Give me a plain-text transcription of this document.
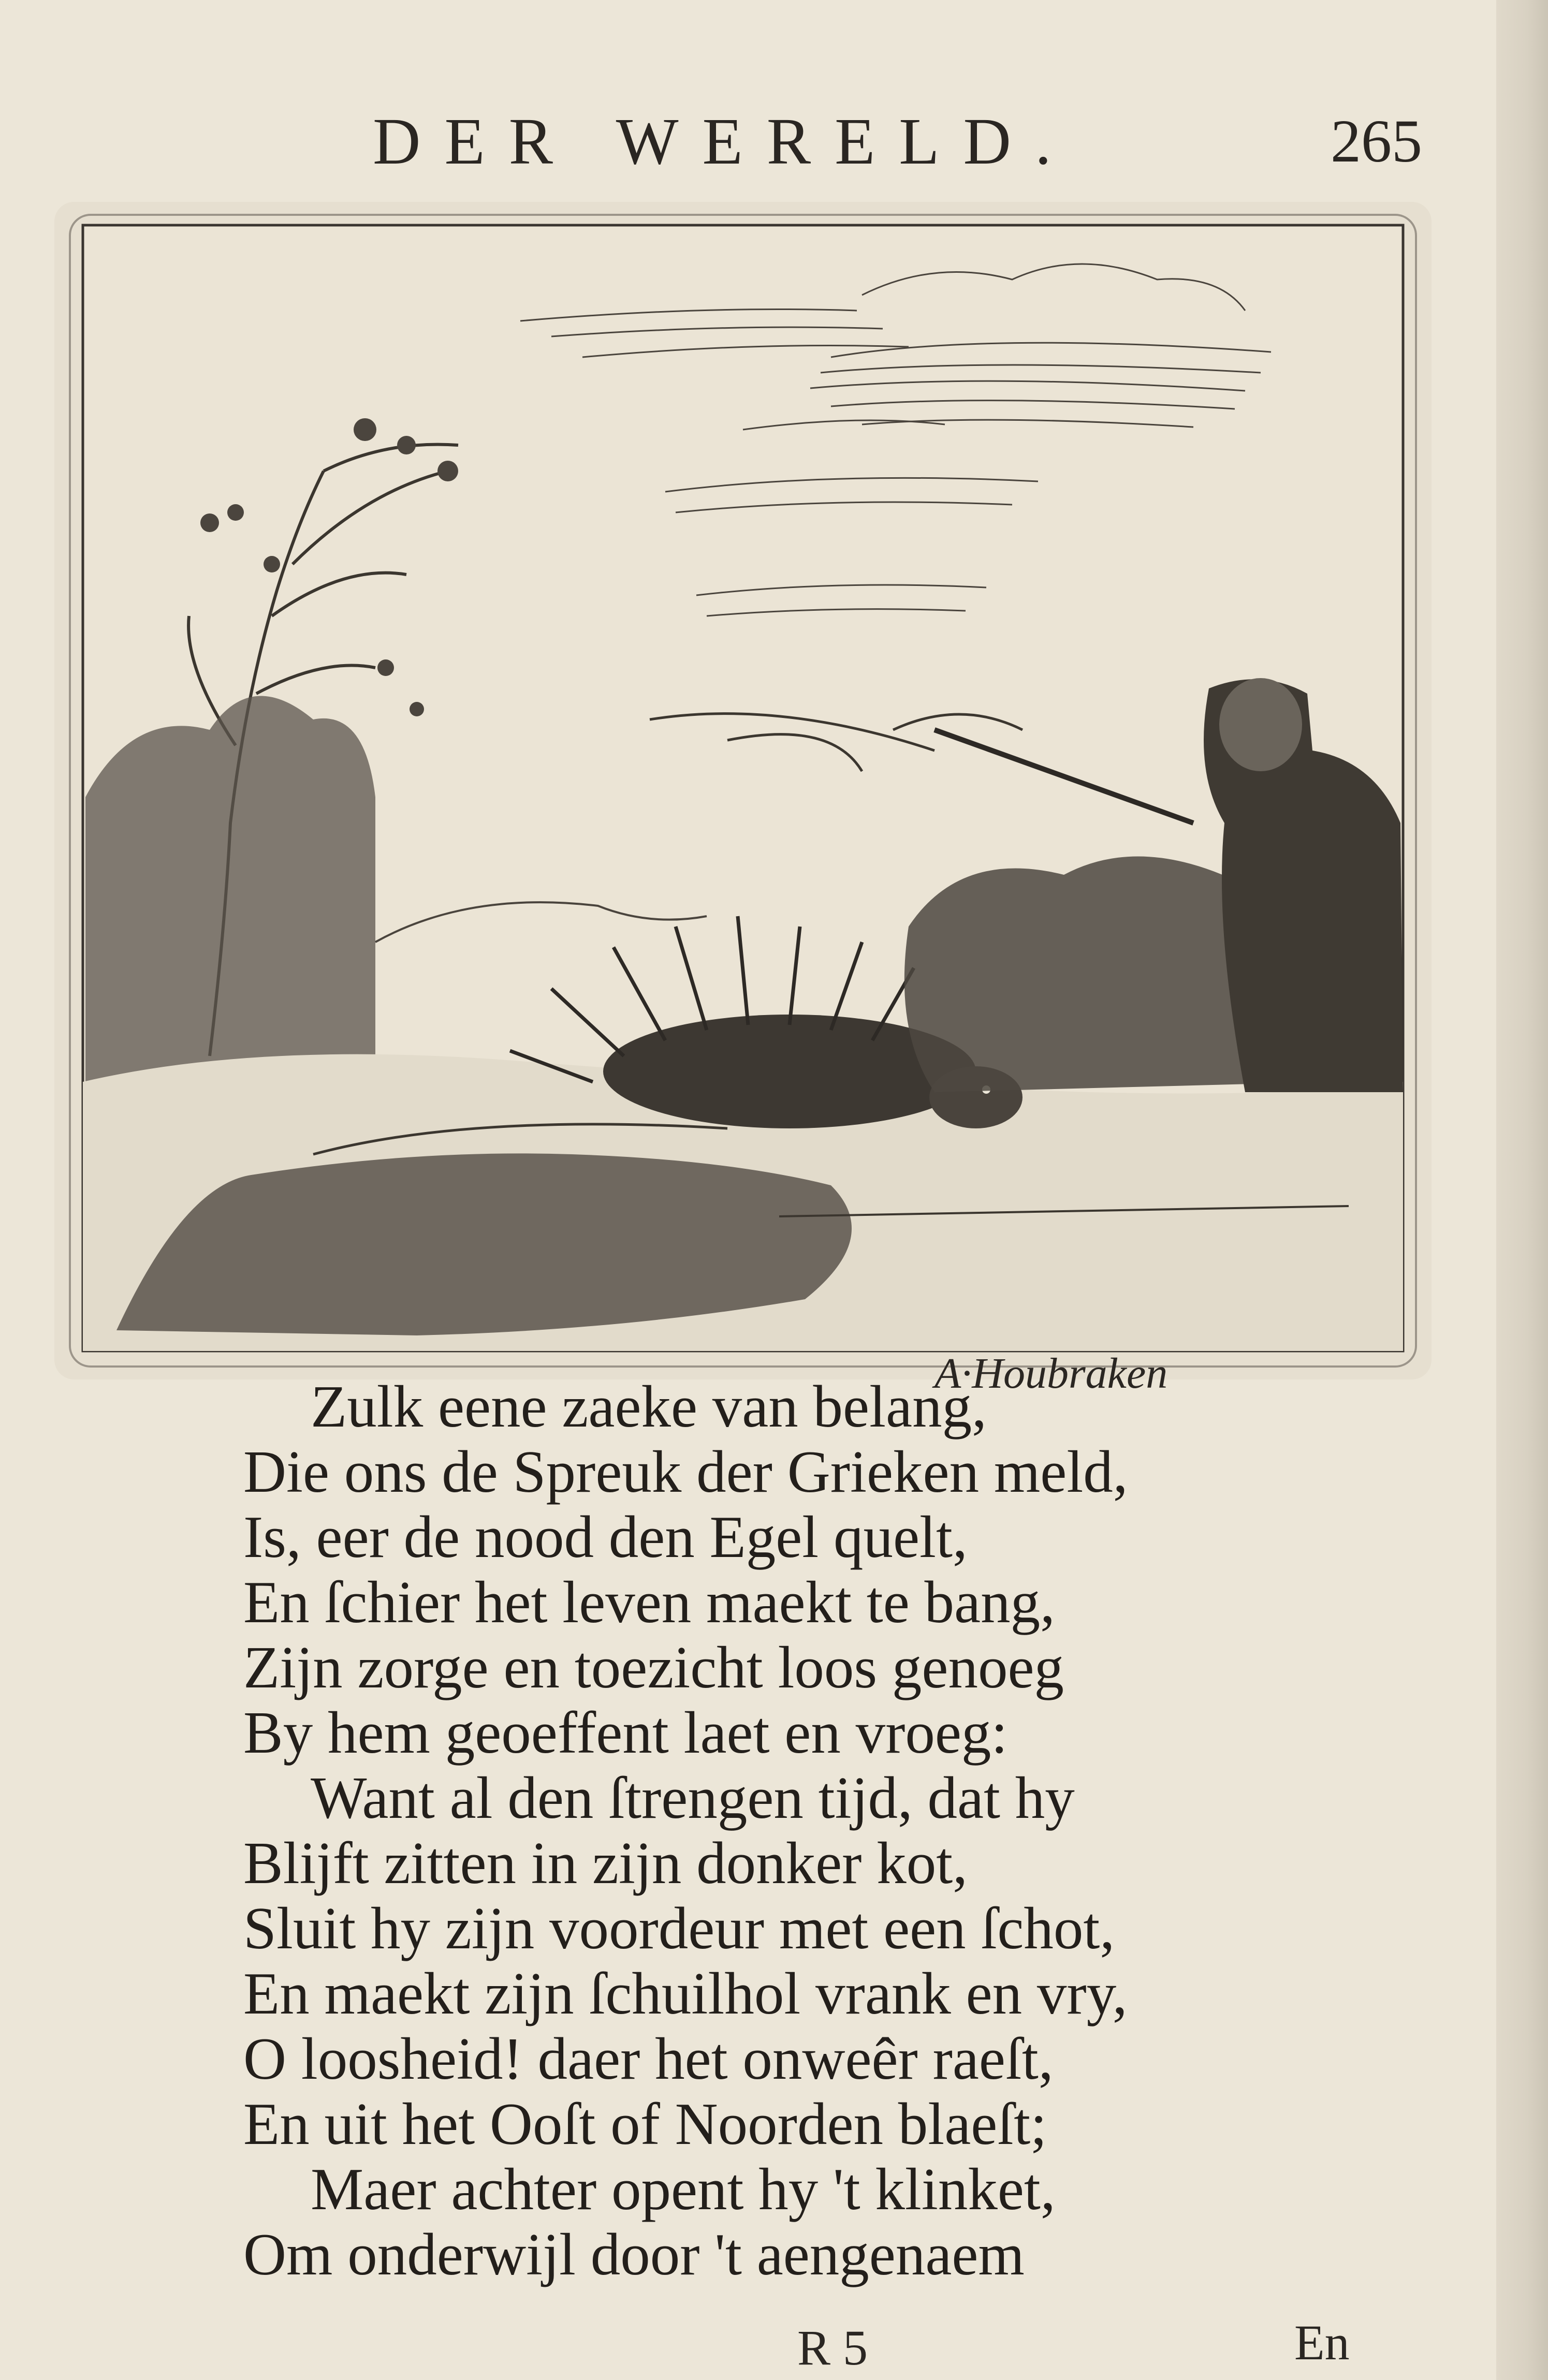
DER WERELD.	265
A·Houbraken
Zulk eene zaeke van belang,
Die ons de Spreuk der Grieken meld,
Is, eer de nood den Egel quelt,
En ſchier het leven maekt te bang,
Zijn zorge en toezicht loos genoeg
By hem geoeffent laet en vroeg:
Want al den ſtrengen tijd, dat hy
Blijft zitten in zijn donker kot,
Sluit hy zijn voordeur met een ſchot,
En maekt zijn ſchuilhol vrank en vry,
O loosheid! daer het onweêr raeſt,
En uit het Ooſt of Noorden blaeſt;
Maer achter opent hy 't klinket,
Om onderwijl door 't aengenaem
R 5	En
